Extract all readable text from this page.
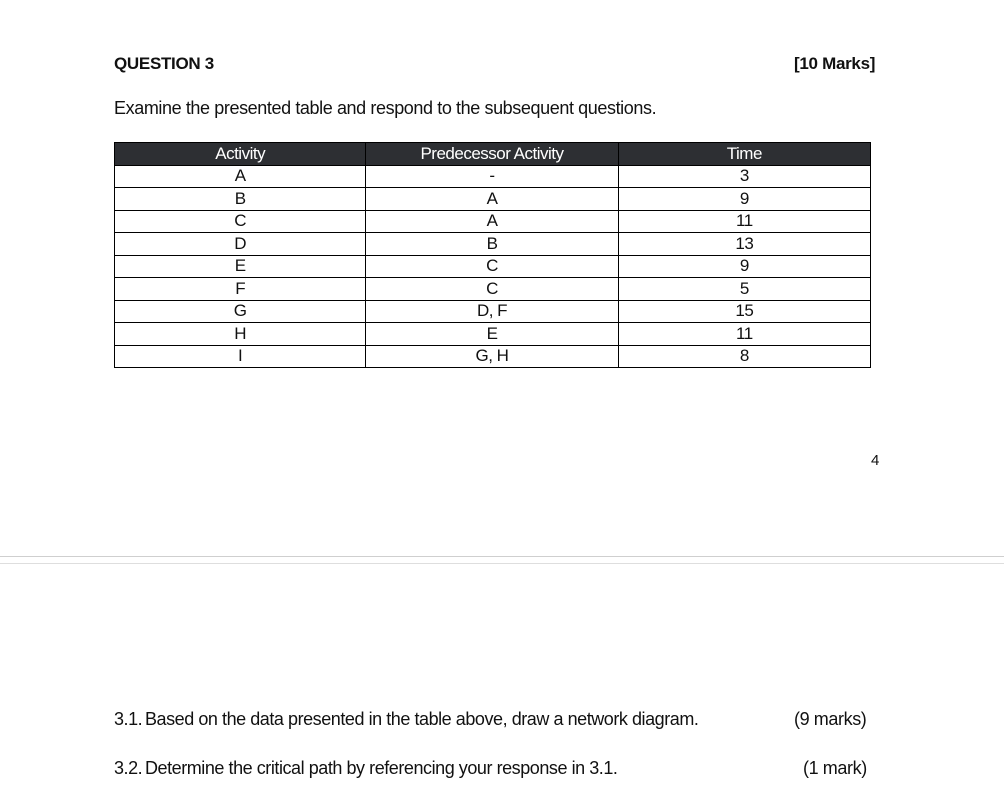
QUESTION 3	[10 Marks]
Examine the presented table and respond to the subsequent questions.
Activity	Predecessor Activity	Time
A	-	3
B	A	9
C	A	11
D	B	13
E	C	9
F	C	5
G	D, F	15
H	E	11
I	G, H	8
4
3.1. Based on the data presented in the table above, draw a network diagram.	(9 marks)
3.2. Determine the critical path by referencing your response in 3.1.	(1 mark)
